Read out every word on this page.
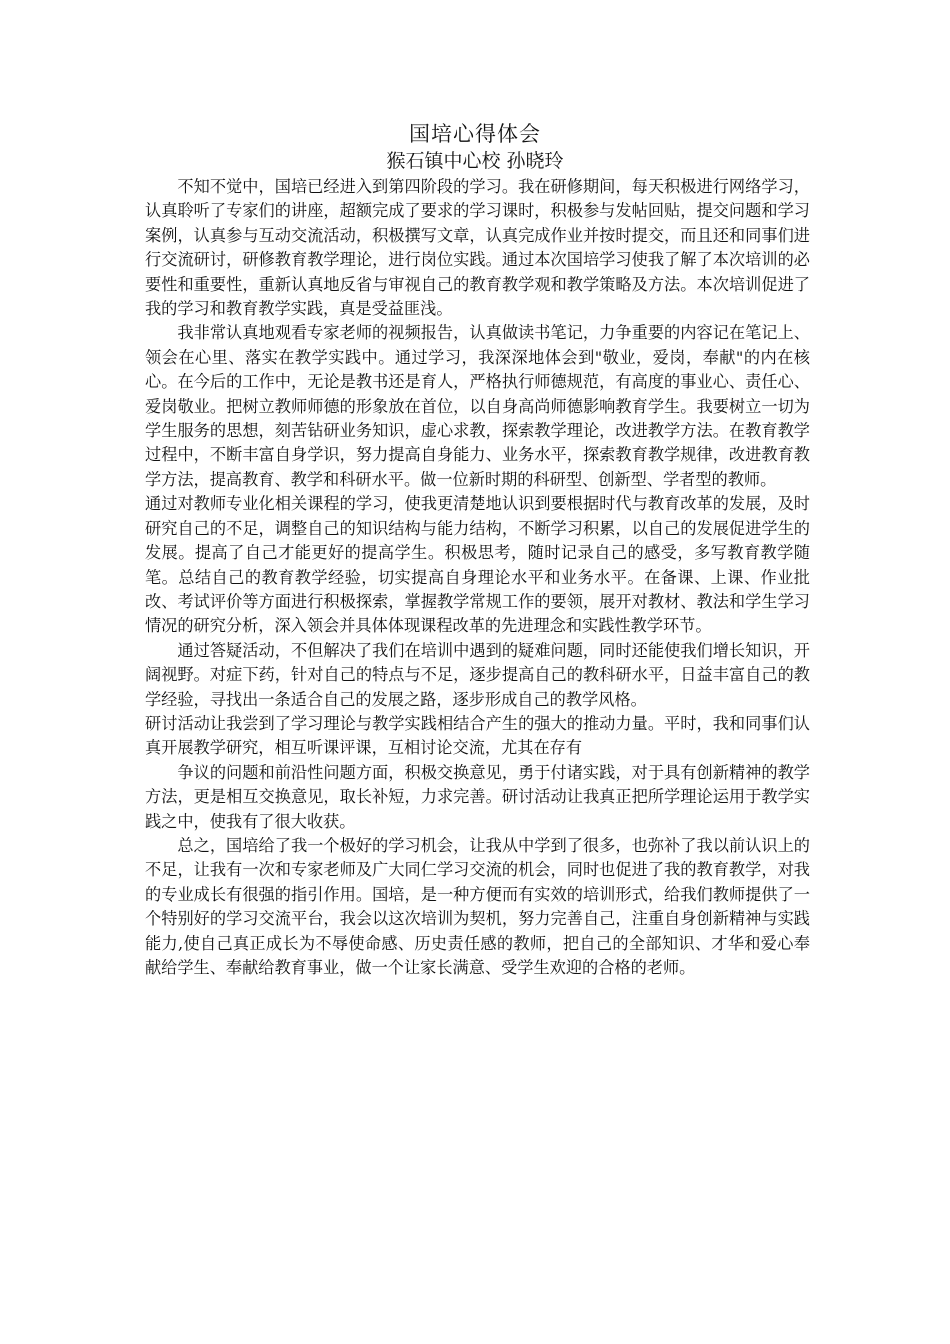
国培心得体会

猴石镇中心校 孙晓玲

不知不觉中，国培已经进入到第四阶段的学习。我在研修期间，每天积极进行网络学习，认真聆听了专家们的讲座，超额完成了要求的学习课时，积极参与发帖回贴，提交问题和学习案例，认真参与互动交流活动，积极撰写文章，认真完成作业并按时提交，而且还和同事们进行交流研讨，研修教育教学理论，进行岗位实践。通过本次国培学习使我了解了本次培训的必要性和重要性，重新认真地反省与审视自己的教育教学观和教学策略及方法。本次培训促进了我的学习和教育教学实践，真是受益匪浅。

我非常认真地观看专家老师的视频报告，认真做读书笔记，力争重要的内容记在笔记上、领会在心里、落实在教学实践中。通过学习，我深深地体会到"敬业，爱岗，奉献"的内在核心。在今后的工作中，无论是教书还是育人，严格执行师德规范，有高度的事业心、责任心、爱岗敬业。把树立教师师德的形象放在首位，以自身高尚师德影响教育学生。我要树立一切为学生服务的思想，刻苦钻研业务知识，虚心求教，探索教学理论，改进教学方法。在教育教学过程中，不断丰富自身学识，努力提高自身能力、业务水平，探索教育教学规律，改进教育教学方法，提高教育、教学和科研水平。做一位新时期的科研型、创新型、学者型的教师。

通过对教师专业化相关课程的学习，使我更清楚地认识到要根据时代与教育改革的发展，及时研究自己的不足，调整自己的知识结构与能力结构，不断学习积累，以自己的发展促进学生的发展。提高了自己才能更好的提高学生。积极思考，随时记录自己的感受，多写教育教学随笔。总结自己的教育教学经验，切实提高自身理论水平和业务水平。在备课、上课、作业批改、考试评价等方面进行积极探索，掌握教学常规工作的要领，展开对教材、教法和学生学习情况的研究分析，深入领会并具体体现课程改革的先进理念和实践性教学环节。

通过答疑活动，不但解决了我们在培训中遇到的疑难问题，同时还能使我们增长知识，开阔视野。对症下药，针对自己的特点与不足，逐步提高自己的教科研水平，日益丰富自己的教学经验，寻找出一条适合自己的发展之路，逐步形成自己的教学风格。

研讨活动让我尝到了学习理论与教学实践相结合产生的强大的推动力量。平时，我和同事们认真开展教学研究，相互听课评课，互相讨论交流，尤其在存有

争议的问题和前沿性问题方面，积极交换意见，勇于付诸实践，对于具有创新精神的教学方法，更是相互交换意见，取长补短，力求完善。研讨活动让我真正把所学理论运用于教学实践之中，使我有了很大收获。

总之，国培给了我一个极好的学习机会，让我从中学到了很多，也弥补了我以前认识上的不足，让我有一次和专家老师及广大同仁学习交流的机会，同时也促进了我的教育教学，对我的专业成长有很强的指引作用。国培，是一种方便而有实效的培训形式，给我们教师提供了一个特别好的学习交流平台，我会以这次培训为契机，努力完善自己，注重自身创新精神与实践能力,使自己真正成长为不辱使命感、历史责任感的教师，把自己的全部知识、才华和爱心奉献给学生、奉献给教育事业，做一个让家长满意、受学生欢迎的合格的老师。
